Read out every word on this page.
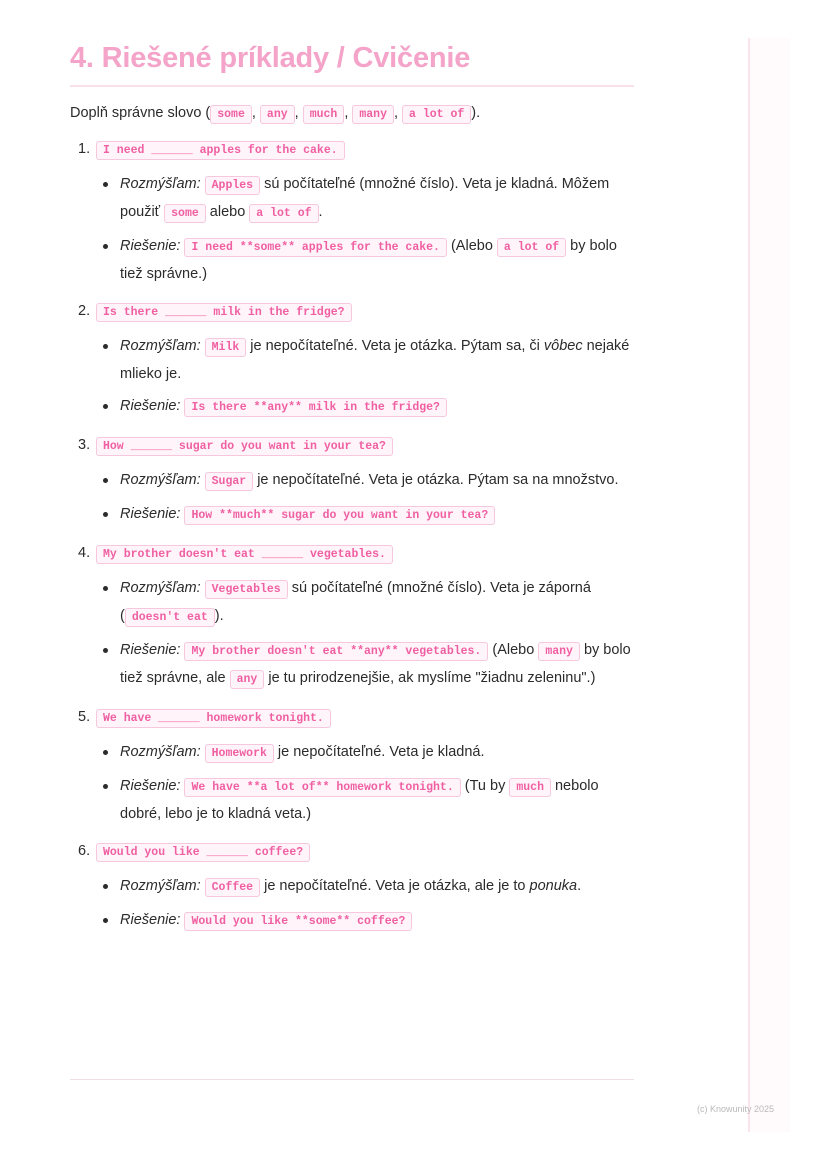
4. Riešené príklady / Cvičenie
Doplň správne slovo ( some , any , much , many , a lot of ).
1. I need ______ apples for the cake.
Rozmýšľam: Apples sú počítateľné (množné číslo). Veta je kladná. Môžem použiť some alebo a lot of .
Riešenie: I need **some** apples for the cake. (Alebo a lot of by bolo tiež správne.)
2. Is there ______ milk in the fridge?
Rozmýšľam: Milk je nepočítateľné. Veta je otázka. Pýtam sa, či vôbec nejaké mlieko je.
Riešenie: Is there **any** milk in the fridge?
3. How ______ sugar do you want in your tea?
Rozmýšľam: Sugar je nepočítateľné. Veta je otázka. Pýtam sa na množstvo.
Riešenie: How **much** sugar do you want in your tea?
4. My brother doesn't eat ______ vegetables.
Rozmýšľam: Vegetables sú počítateľné (množné číslo). Veta je záporná ( doesn't eat ).
Riešenie: My brother doesn't eat **any** vegetables. (Alebo many by bolo tiež správne, ale any je tu prirodzenejšie, ak myslíme "žiadnu zeleninu".)
5. We have ______ homework tonight.
Rozmýšľam: Homework je nepočítateľné. Veta je kladná.
Riešenie: We have **a lot of** homework tonight. (Tu by much nebolo dobré, lebo je to kladná veta.)
6. Would you like ______ coffee?
Rozmýšľam: Coffee je nepočítateľné. Veta je otázka, ale je to ponuka.
Riešenie: Would you like **some** coffee?
(c) Knowunity 2025
